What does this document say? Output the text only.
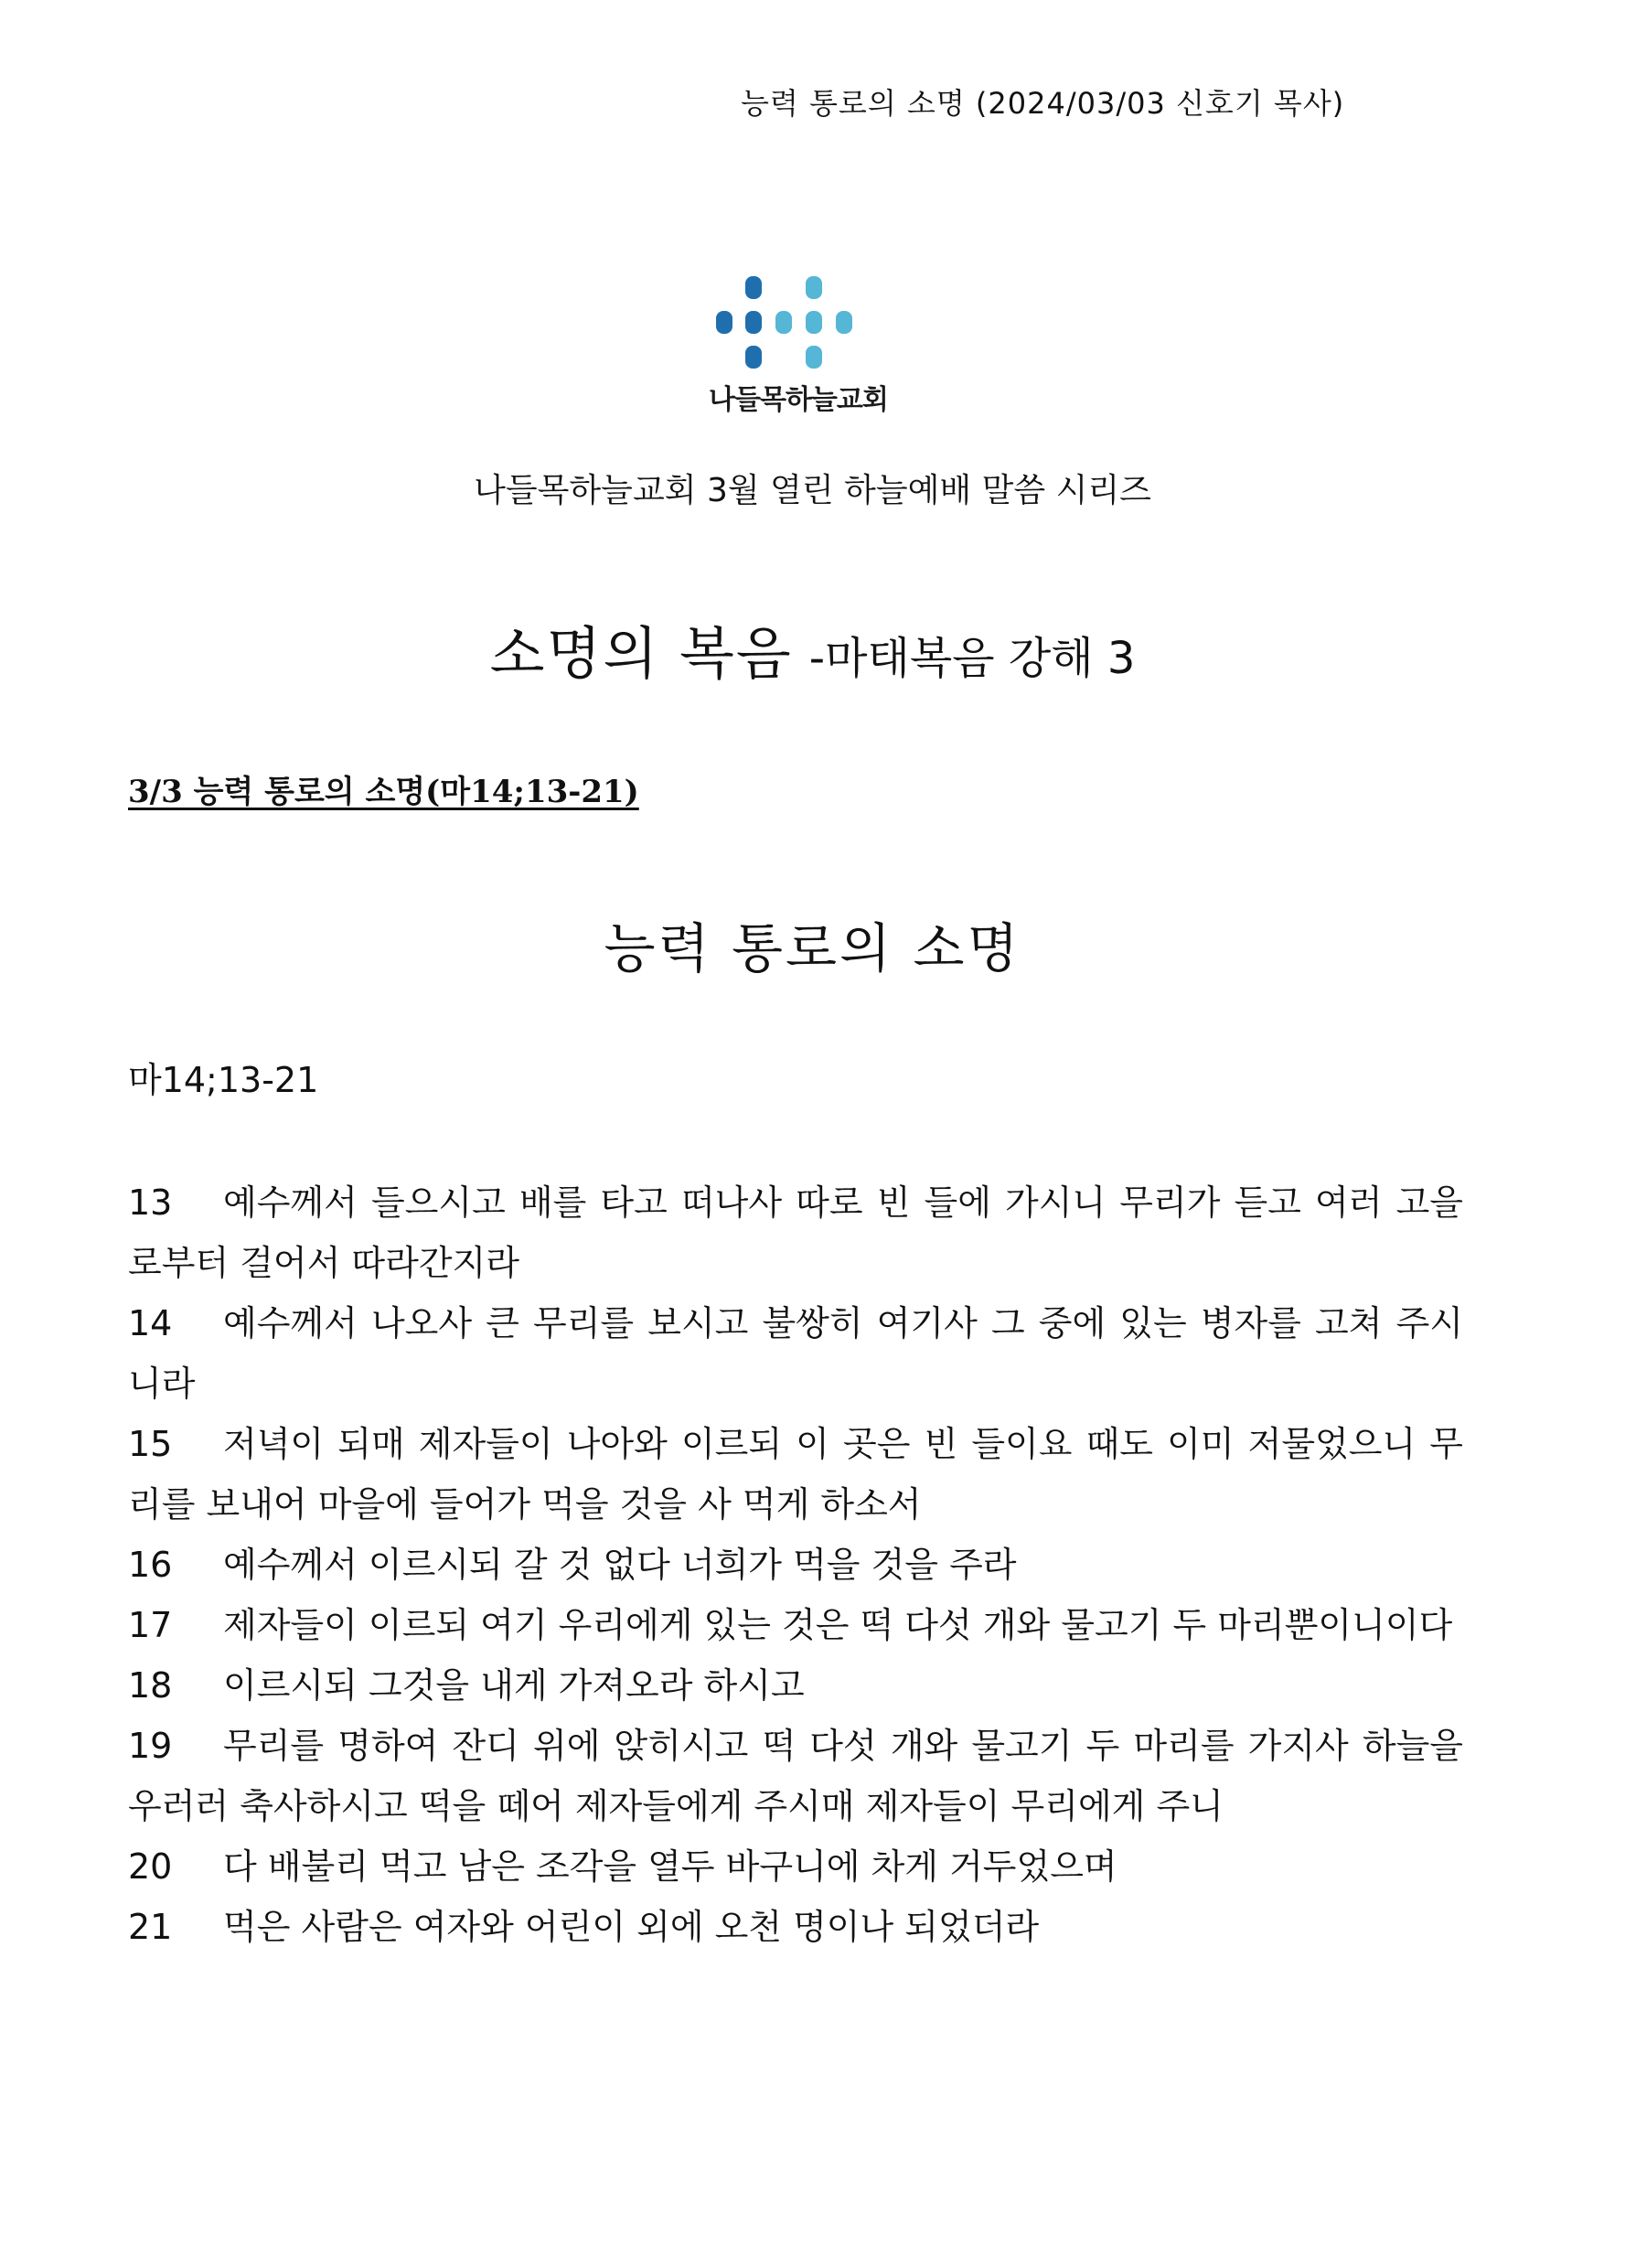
능력 통로의 소명 (2024/03/03 신호기 목사)
나들목하늘교회
나들목하늘교회 3월 열린 하늘예배 말씀 시리즈
소명의 복음 -마태복음 강해 3
3/3 능력 통로의 소명(마14;13-21)
능력 통로의 소명
마14;13-21

13 예수께서 들으시고 배를 타고 떠나사 따로 빈 들에 가시니 무리가 듣고 여러 고을로부터 걸어서 따라간지라

14 예수께서 나오사 큰 무리를 보시고 불쌍히 여기사 그 중에 있는 병자를 고쳐 주시니라

15 저녁이 되매 제자들이 나아와 이르되 이 곳은 빈 들이요 때도 이미 저물었으니 무리를 보내어 마을에 들어가 먹을 것을 사 먹게 하소서

16 예수께서 이르시되 갈 것 없다 너희가 먹을 것을 주라

17 제자들이 이르되 여기 우리에게 있는 것은 떡 다섯 개와 물고기 두 마리뿐이니이다

18 이르시되 그것을 내게 가져오라 하시고

19 무리를 명하여 잔디 위에 앉히시고 떡 다섯 개와 물고기 두 마리를 가지사 하늘을 우러러 축사하시고 떡을 떼어 제자들에게 주시매 제자들이 무리에게 주니

20 다 배불리 먹고 남은 조각을 열두 바구니에 차게 거두었으며

21 먹은 사람은 여자와 어린이 외에 오천 명이나 되었더라
